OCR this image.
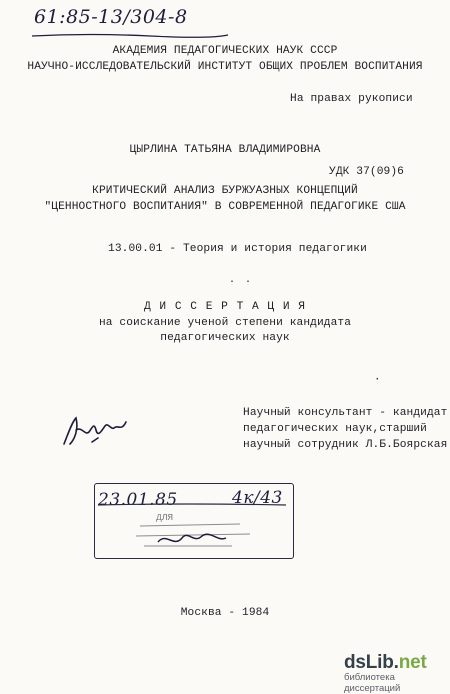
61:85-13/304-8
АКАДЕМИЯ ПЕДАГОГИЧЕСКИХ НАУК СССР
НАУЧНО-ИССЛЕДОВАТЕЛЬСКИЙ ИНСТИТУТ ОБЩИХ ПРОБЛЕМ ВОСПИТАНИЯ
На правах рукописи
ЦЫРЛИНА ТАТЬЯНА ВЛАДИМИРОВНА
УДК 37(09)6
КРИТИЧЕСКИЙ АНАЛИЗ БУРЖУАЗНЫХ КОНЦЕПЦИЙ
"ЦЕННОСТНОГО ВОСПИТАНИЯ" В СОВРЕМЕННОЙ ПЕДАГОГИКЕ США
13.00.01 - Теория и история педагогики
· ·
Д И С С Е Р Т А Ц И Я
на соискание ученой степени кандидата
педагогических наук
·
Научный консультант - кандидат
педагогических наук,старший
научный сотрудник Л.Б.Боярская
23.01.85	4к/43
ДЛЯ
Москва - 1984
dsLib.net
библиотека диссертаций
